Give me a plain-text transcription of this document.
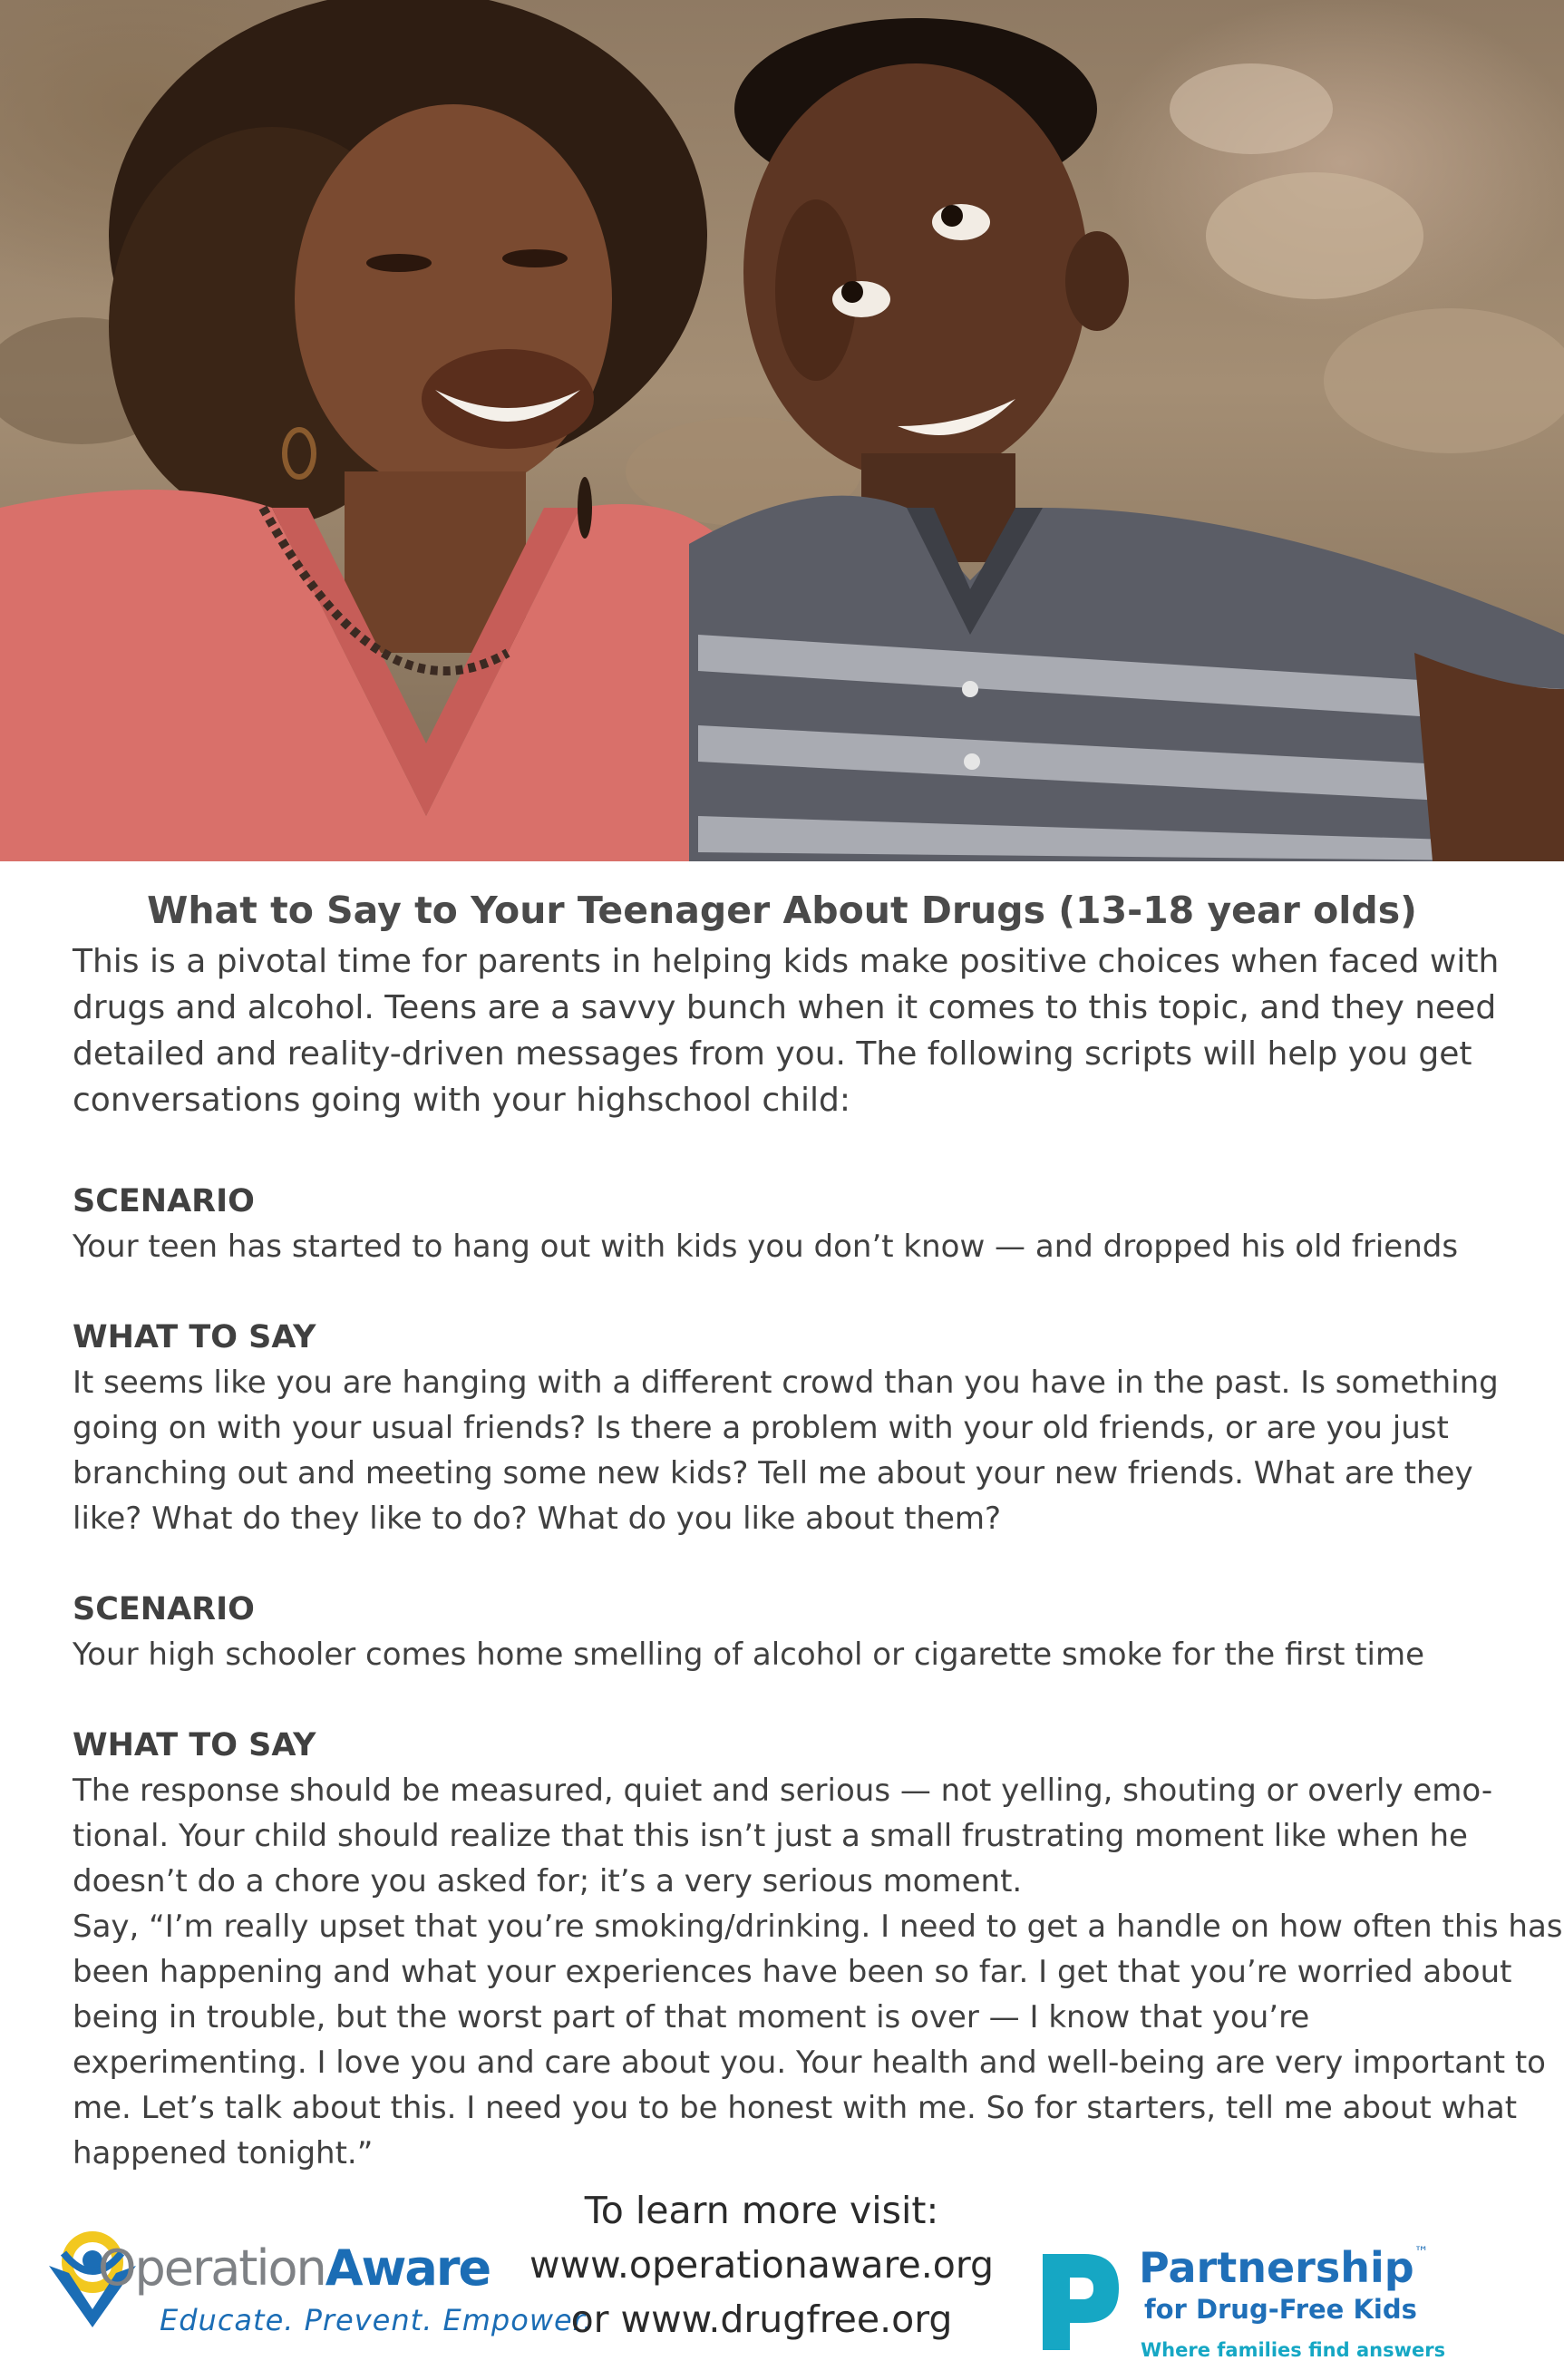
What to Say to Your Teenager About Drugs (13-18 year olds)
This is a pivotal time for parents in helping kids make positive choices when faced with
drugs and alcohol. Teens are a savvy bunch when it comes to this topic, and they need
detailed and reality-driven messages from you. The following scripts will help you get
conversations going with your highschool child:
SCENARIO
Your teen has started to hang out with kids you don’t know — and dropped his old friends
WHAT TO SAY
It seems like you are hanging with a different crowd than you have in the past. Is something
going on with your usual friends? Is there a problem with your old friends, or are you just
branching out and meeting some new kids? Tell me about your new friends. What are they
like? What do they like to do? What do you like about them?
SCENARIO
Your high schooler comes home smelling of alcohol or cigarette smoke for the first time
WHAT TO SAY
The response should be measured, quiet and serious — not yelling, shouting or overly emo-
tional. Your child should realize that this isn’t just a small frustrating moment like when he
doesn’t do a chore you asked for; it’s a very serious moment.
Say, “I’m really upset that you’re smoking/drinking. I need to get a handle on how often this has
been happening and what your experiences have been so far. I get that you’re worried about
being in trouble, but the worst part of that moment is over — I know that you’re
experimenting. I love you and care about you. Your health and well-being are very important to
me. Let’s talk about this. I need you to be honest with me. So for starters, tell me about what
happened tonight.”
OperationAware
Educate. Prevent. Empower.
To learn more visit:
www.operationaware.org
or www.drugfree.org
Partnership™
for Drug-Free Kids
Where families find answers
